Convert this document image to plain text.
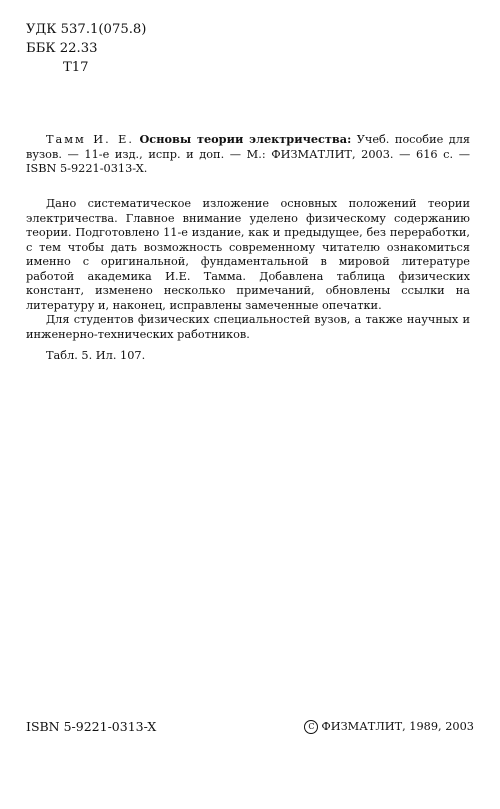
УДК 537.1(075.8)
ББК 22.33
Т17

Тамм И. Е. Основы теории электричества: Учеб. пособие для вузов. — 11-е изд., испр. и доп. — М.: ФИЗМАТЛИТ, 2003. — 616 с. — ISBN 5-9221-0313-X.

Дано систематическое изложение основных положений теории электричества. Главное внимание уделено физическому содержанию теории. Подготовлено 11-е издание, как и предыдущее, без переработки, с тем чтобы дать возможность современному читателю ознакомиться именно с оригинальной, фундаментальной в мировой литературе работой академика И.Е. Тамма. Добавлена таблица физических констант, изменено несколько примечаний, обновлены ссылки на литературу и, наконец, исправлены замеченные опечатки.

Для студентов физических специальностей вузов, а также научных и инженерно-технических работников.

Табл. 5. Ил. 107.

ISBN 5-9221-0313-X	C ФИЗМАТЛИТ, 1989, 2003
